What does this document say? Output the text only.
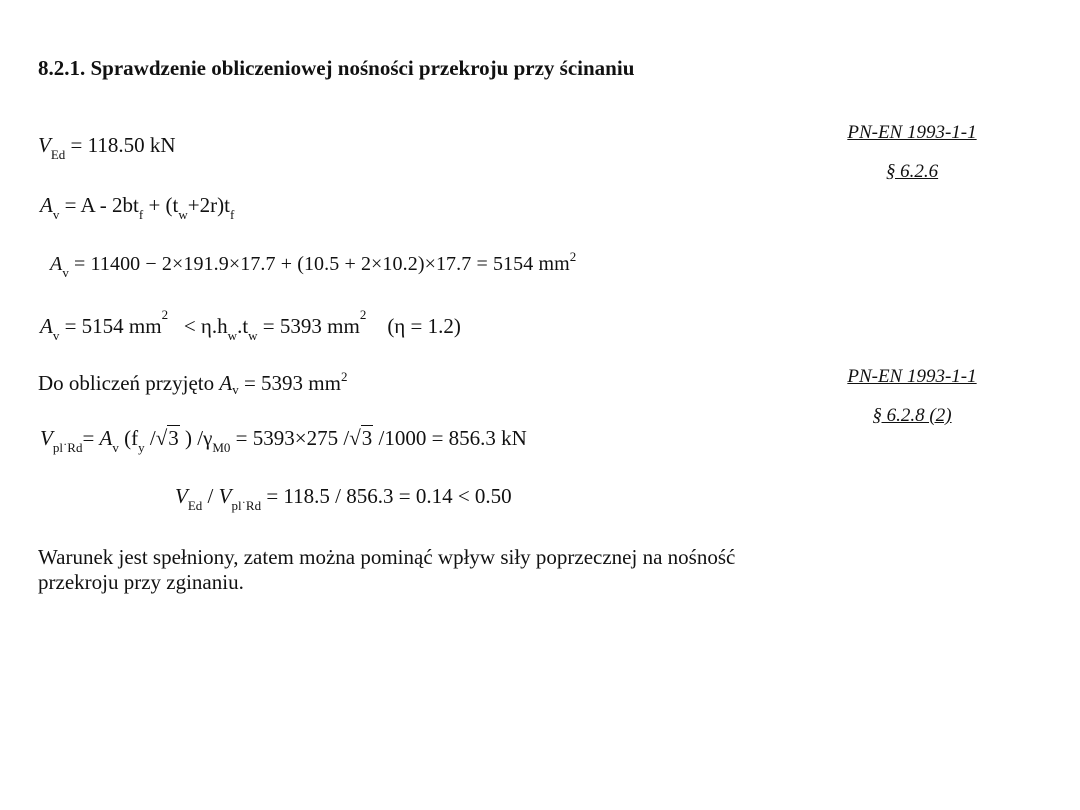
8.2.1. Sprawdzenie obliczeniowej nośności przekroju przy ścinaniu
PN-EN 1993-1-1
§ 6.2.6
PN-EN 1993-1-1
§ 6.2.8 (2)
$V_{Ed} = 118.50$ kN
$A_v = A - 2bt_f + (t_w+2r)t_f$
$A_v = 11400 - 2\times 191.9\times 17.7 + (10.5 + 2\times 10.2)\times 17.7 = 5154$ $mm^2$
$A_v = 5154$ $mm^2 < \eta.h_w.t_w = 5393$ $mm^2$ (η = 1.2)
Do obliczeń przyjęto $A_v = 5393$ $mm^2$
$V_{pl˙Rd}= A_v$ ($f_y$ /√3 ) $/\gamma_{M0} = 5393\times 275$ /√3 /1000 = 856.3 kN
$V_{Ed} / V_{pl˙Rd} = 118.5 / 856.3 = 0.14 < 0.50$
Warunek jest spełniony, zatem można pominąć wpływ siły poprzecznej na nośność przekroju przy zginaniu.
